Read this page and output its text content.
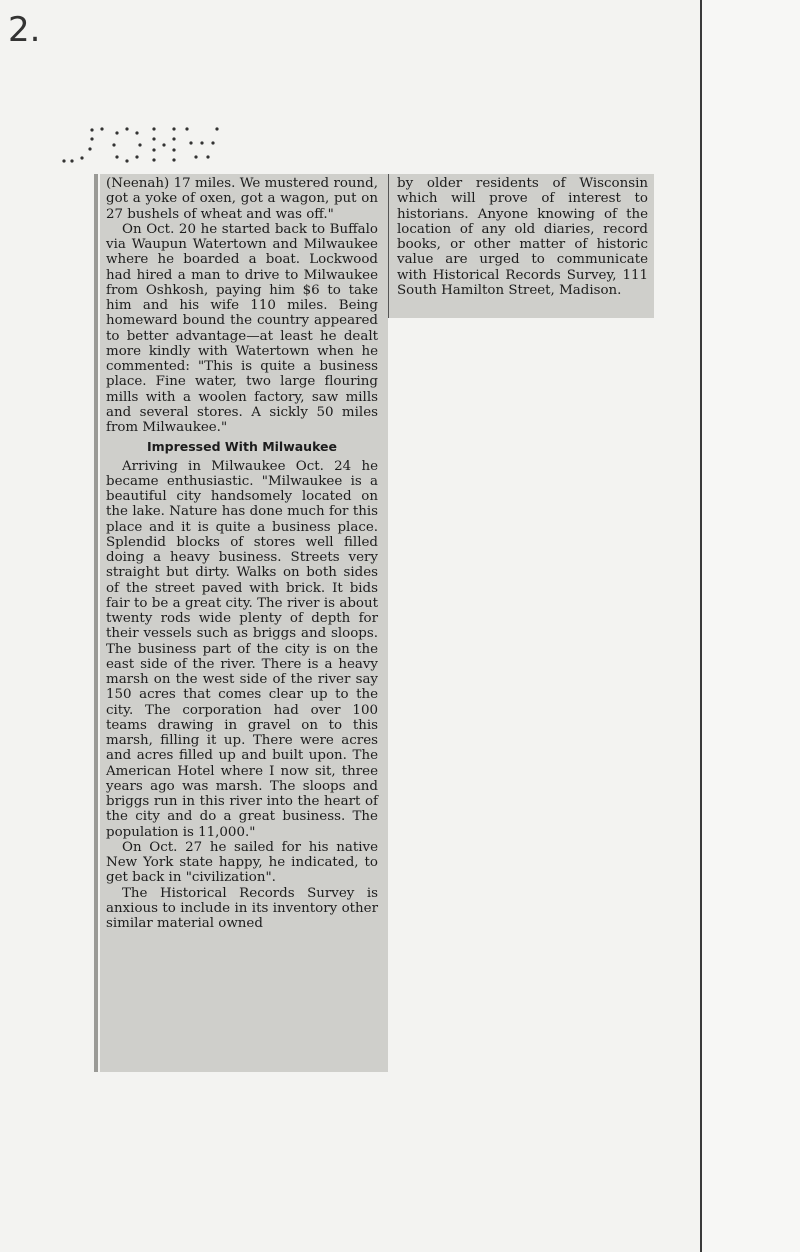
2.

(Neenah) 17 miles. We mustered round, got a yoke of oxen, got a wagon, put on 27 bushels of wheat and was off."

On Oct. 20 he started back to Buffalo via Waupun Watertown and Milwaukee where he boarded a boat. Lockwood had hired a man to drive to Milwaukee from Oshkosh, paying him $6 to take him and his wife 110 miles. Being homeward bound the country appeared to better advantage—at least he dealt more kindly with Watertown when he commented: "This is quite a business place. Fine water, two large flouring mills with a woolen factory, saw mills and several stores. A sickly 50 miles from Milwaukee."

Impressed With Milwaukee

Arriving in Milwaukee Oct. 24 he became enthusiastic. "Milwaukee is a beautiful city handsomely located on the lake. Nature has done much for this place and it is quite a business place. Splendid blocks of stores well filled doing a heavy business. Streets very straight but dirty. Walks on both sides of the street paved with brick. It bids fair to be a great city. The river is about twenty rods wide plenty of depth for their vessels such as briggs and sloops. The business part of the city is on the east side of the river. There is a heavy marsh on the west side of the river say 150 acres that comes clear up to the city. The corporation had over 100 teams drawing in gravel on to this marsh, filling it up. There were acres and acres filled up and built upon. The American Hotel where I now sit, three years ago was marsh. The sloops and briggs run in this river into the heart of the city and do a great business. The population is 11,000."

On Oct. 27 he sailed for his native New York state happy, he indicated, to get back in "civilization".

The Historical Records Survey is anxious to include in its inventory other similar material owned

by older residents of Wisconsin which will prove of interest to historians. Anyone knowing of the location of any old diaries, record books, or other matter of historic value are urged to communicate with Historical Records Survey, 111 South Hamilton Street, Madison.
